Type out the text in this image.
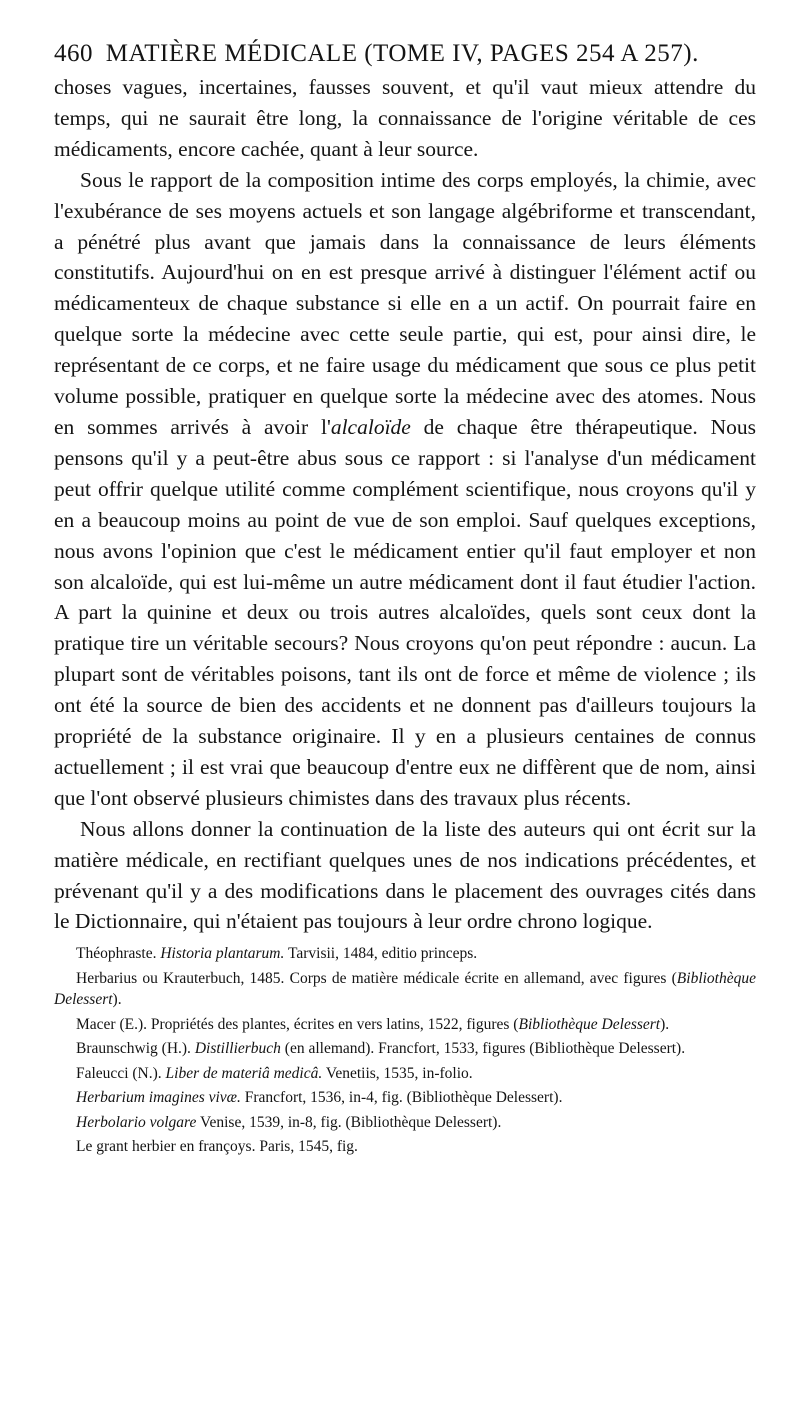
460 MATIÈRE MÉDICALE (TOME IV, PAGES 254 A 257).

choses vagues, incertaines, fausses souvent, et qu'il vaut mieux attendre du temps, qui ne saurait être long, la connaissance de l'origine véritable de ces médicaments, encore cachée, quant à leur source.

Sous le rapport de la composition intime des corps employés, la chimie, avec l'exubérance de ses moyens actuels et son langage algébriforme et transcendant, a pénétré plus avant que jamais dans la connaissance de leurs éléments constitutifs. Aujourd'hui on en est presque arrivé à distinguer l'élément actif ou médicamenteux de chaque substance si elle en a un actif. On pourrait faire en quelque sorte la médecine avec cette seule partie, qui est, pour ainsi dire, le représentant de ce corps, et ne faire usage du médicament que sous ce plus petit volume possible, pratiquer en quelque sorte la médecine avec des atomes. Nous en sommes arrivés à avoir l'alcaloïde de chaque être thérapeutique. Nous pensons qu'il y a peut-être abus sous ce rapport : si l'analyse d'un médicament peut offrir quelque utilité comme complément scientifique, nous croyons qu'il y en a beaucoup moins au point de vue de son emploi. Sauf quelques exceptions, nous avons l'opinion que c'est le médicament entier qu'il faut employer et non son alcaloïde, qui est lui-même un autre médicament dont il faut étudier l'action. A part la quinine et deux ou trois autres alcaloïdes, quels sont ceux dont la pratique tire un véritable secours? Nous croyons qu'on peut répondre : aucun. La plupart sont de véritables poisons, tant ils ont de force et même de violence ; ils ont été la source de bien des accidents et ne donnent pas d'ailleurs toujours la propriété de la substance originaire. Il y en a plusieurs centaines de connus actuellement ; il est vrai que beaucoup d'entre eux ne diffèrent que de nom, ainsi que l'ont observé plusieurs chimistes dans des travaux plus récents.

Nous allons donner la continuation de la liste des auteurs qui ont écrit sur la matière médicale, en rectifiant quelques unes de nos indications précédentes, et prévenant qu'il y a des modifications dans le placement des ouvrages cités dans le Dictionnaire, qui n'étaient pas toujours à leur ordre chrono logique.

Théophraste. Historia plantarum. Tarvisii, 1484, editio princeps.

Herbarius ou Krauterbuch, 1485. Corps de matière médicale écrite en allemand, avec figures (Bibliothèque Delessert).

Macer (E.). Propriétés des plantes, écrites en vers latins, 1522, figures (Bibliothèque Delessert).

Braunschwig (H.). Distillierbuch (en allemand). Francfort, 1533, figures (Bibliothèque Delessert).

Faleucci (N.). Liber de materiâ medicâ. Venetiis, 1535, in-folio.

Herbarium imagines vivæ. Francfort, 1536, in-4, fig. (Bibliothèque Delessert).

Herbolario volgare Venise, 1539, in-8, fig. (Bibliothèque Delessert).

Le grant herbier en françoys. Paris, 1545, fig.
